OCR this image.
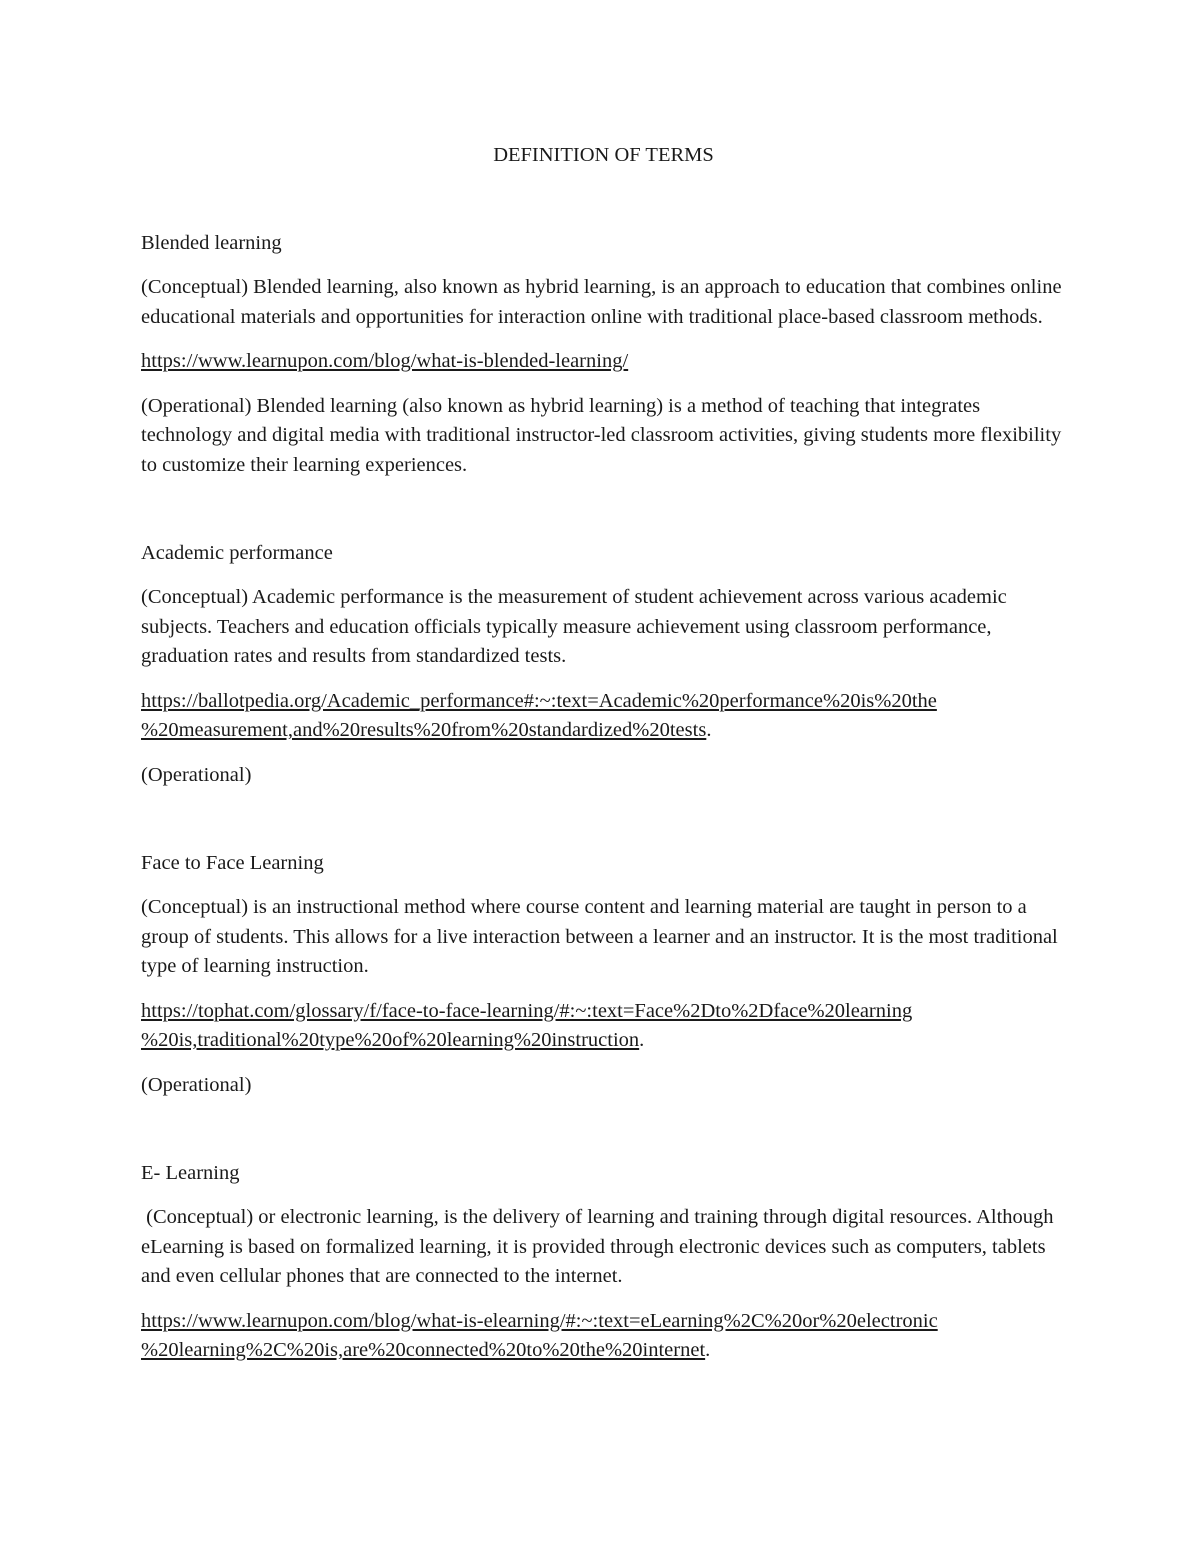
DEFINITION OF TERMS
Blended learning

(Conceptual) Blended learning, also known as hybrid learning, is an approach to education that combines online educational materials and opportunities for interaction online with traditional place-based classroom methods.

https://www.learnupon.com/blog/what-is-blended-learning/

(Operational) Blended learning (also known as hybrid learning) is a method of teaching that integrates technology and digital media with traditional instructor-led classroom activities, giving students more flexibility to customize their learning experiences.

Academic performance

(Conceptual) Academic performance is the measurement of student achievement across various academic subjects. Teachers and education officials typically measure achievement using classroom performance, graduation rates and results from standardized tests.

https://ballotpedia.org/Academic_performance#:~:text=Academic%20performance%20is%20the
%20measurement,and%20results%20from%20standardized%20tests.

(Operational)

Face to Face Learning

(Conceptual) is an instructional method where course content and learning material are taught in person to a group of students. This allows for a live interaction between a learner and an instructor. It is the most traditional type of learning instruction.

https://tophat.com/glossary/f/face-to-face-learning/#:~:text=Face%2Dto%2Dface%20learning
%20is,traditional%20type%20of%20learning%20instruction.

(Operational)

E- Learning

(Conceptual) or electronic learning, is the delivery of learning and training through digital resources. Although eLearning is based on formalized learning, it is provided through electronic devices such as computers, tablets and even cellular phones that are connected to the internet.

https://www.learnupon.com/blog/what-is-elearning/#:~:text=eLearning%2C%20or%20electronic
%20learning%2C%20is,are%20connected%20to%20the%20internet.
